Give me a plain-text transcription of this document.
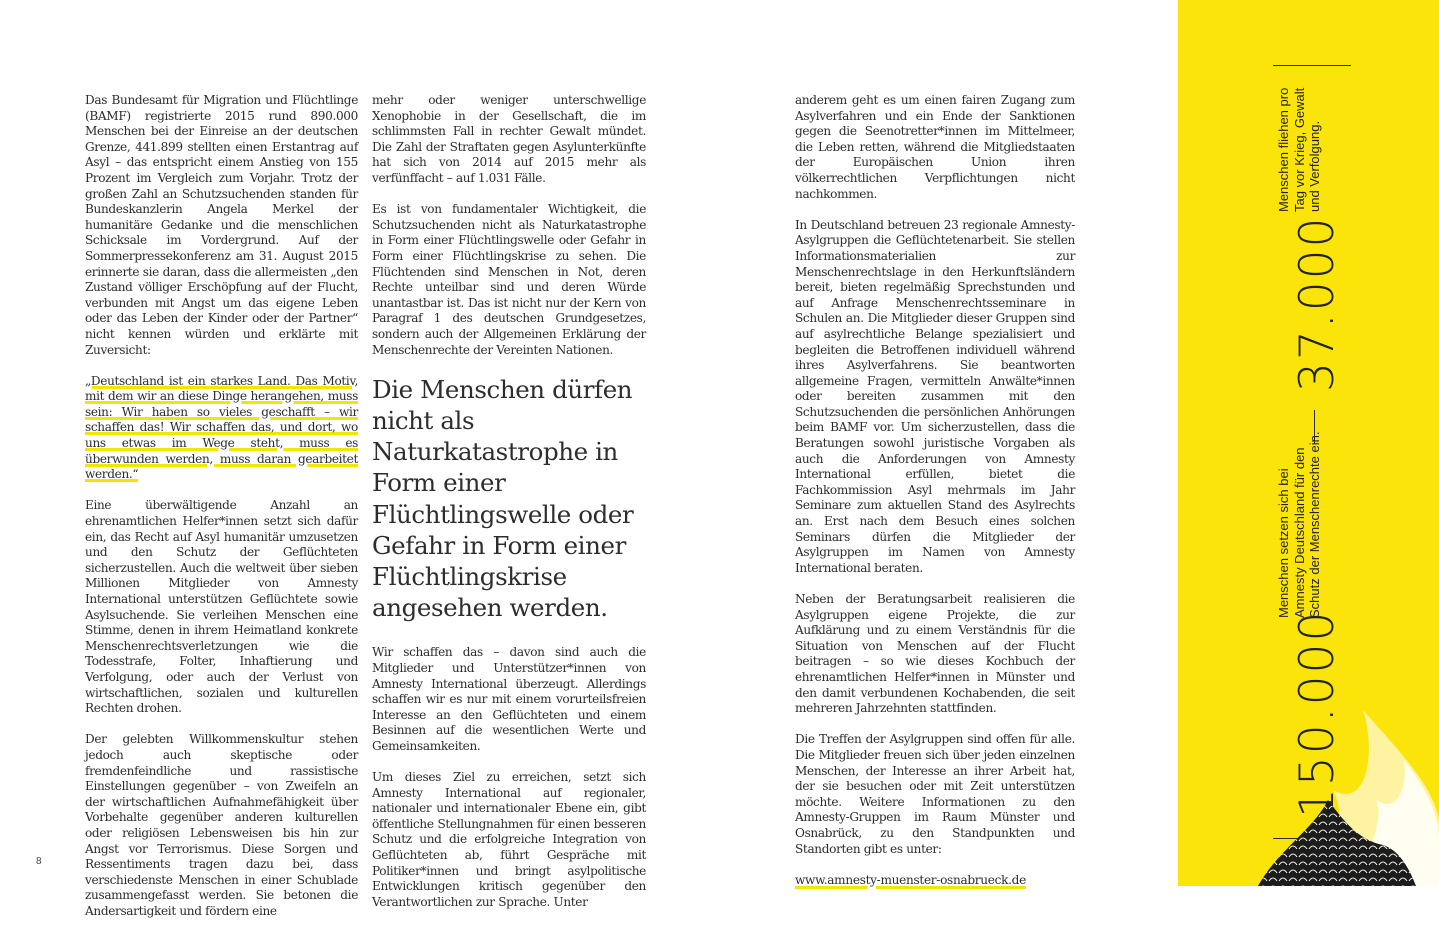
Das Bundesamt für Migration und Flüchtlinge (BAMF) registrierte 2015 rund 890.000 Menschen bei der Einreise an der deutschen Grenze, 441.899 stellten einen Erstantrag auf Asyl – das entspricht einem Anstieg von 155 Prozent im Vergleich zum Vorjahr. Trotz der großen Zahl an Schutzsuchenden standen für Bundeskanzlerin Angela Merkel der humanitäre Gedanke und die menschlichen Schicksale im Vordergrund. Auf der Sommerpressekonferenz am 31. August 2015 erinnerte sie daran, dass die allermeisten „den Zustand völliger Erschöpfung auf der Flucht, verbunden mit Angst um das eigene Leben oder das Leben der Kinder oder der Partner“ nicht kennen würden und erklärte mit Zuversicht:

„Deutschland ist ein starkes Land. Das Motiv, mit dem wir an diese Dinge herangehen, muss sein: Wir haben so vieles geschafft – wir schaffen das! Wir schaffen das, und dort, wo uns etwas im Wege steht, muss es überwunden werden, muss daran gearbeitet werden.“

Eine überwältigende Anzahl an ehrenamtlichen Helfer*innen setzt sich dafür ein, das Recht auf Asyl humanitär umzusetzen und den Schutz der Geflüchteten sicherzustellen. Auch die weltweit über sieben Millionen Mitglieder von Amnesty International unterstützen Geflüchtete sowie Asylsuchende. Sie verleihen Menschen eine Stimme, denen in ihrem Heimatland konkrete Menschenrechtsverletzungen wie die Todesstrafe, Folter, Inhaftierung und Verfolgung, oder auch der Verlust von wirtschaftlichen, sozialen und kulturellen Rechten drohen.

Der gelebten Willkommenskultur stehen jedoch auch skeptische oder fremdenfeindliche und rassistische Einstellungen gegenüber – von Zweifeln an der wirtschaftlichen Aufnahmefähigkeit über Vorbehalte gegenüber anderen kulturellen oder religiösen Lebensweisen bis hin zur Angst vor Terrorismus. Diese Sorgen und Ressentiments tragen dazu bei, dass verschiedenste Menschen in einer Schublade zusammengefasst werden. Sie betonen die Andersartigkeit und fördern eine

mehr oder weniger unterschwellige Xenophobie in der Gesellschaft, die im schlimmsten Fall in rechter Gewalt mündet. Die Zahl der Straftaten gegen Asylunterkünfte hat sich von 2014 auf 2015 mehr als verfünffacht – auf 1.031 Fälle.

Es ist von fundamentaler Wichtigkeit, die Schutzsuchenden nicht als Naturkatastrophe in Form einer Flüchtlingswelle oder Gefahr in Form einer Flüchtlingskrise zu sehen. Die Flüchtenden sind Menschen in Not, deren Rechte unteilbar sind und deren Würde unantastbar ist. Das ist nicht nur der Kern von Paragraf 1 des deutschen Grundgesetzes, sondern auch der Allgemeinen Erklärung der Menschenrechte der Vereinten Nationen.

Die Menschen dürfen nicht als Naturkatastrophe in Form einer Flüchtlingswelle oder Gefahr in Form einer Flüchtlingskrise angesehen werden.

Wir schaffen das – davon sind auch die Mitglieder und Unterstützer*innen von Amnesty International überzeugt. Allerdings schaffen wir es nur mit einem vorurteilsfreien Interesse an den Geflüchteten und einem Besinnen auf die wesentlichen Werte und Gemeinsamkeiten.

Um dieses Ziel zu erreichen, setzt sich Amnesty International auf regionaler, nationaler und internationaler Ebene ein, gibt öffentliche Stellungnahmen für einen besseren Schutz und die erfolgreiche Integration von Geflüchteten ab, führt Gespräche mit Politiker*innen und bringt asylpolitische Entwicklungen kritisch gegenüber den Verantwortlichen zur Sprache. Unter

anderem geht es um einen fairen Zugang zum Asylverfahren und ein Ende der Sanktionen gegen die Seenotretter*innen im Mittelmeer, die Leben retten, während die Mitgliedstaaten der Europäischen Union ihren völkerrechtlichen Verpflichtungen nicht nachkommen.

In Deutschland betreuen 23 regionale Amnesty-Asylgruppen die Geflüchtetenarbeit. Sie stellen Informationsmaterialien zur Menschenrechtslage in den Herkunftsländern bereit, bieten regelmäßig Sprechstunden und auf Anfrage Menschenrechtsseminare in Schulen an. Die Mitglieder dieser Gruppen sind auf asylrechtliche Belange spezialisiert und begleiten die Betroffenen individuell während ihres Asylverfahrens. Sie beantworten allgemeine Fragen, vermitteln Anwälte*innen oder bereiten zusammen mit den Schutzsuchenden die persönlichen Anhörungen beim BAMF vor. Um sicherzustellen, dass die Beratungen sowohl juristische Vorgaben als auch die Anforderungen von Amnesty International erfüllen, bietet die Fachkommission Asyl mehrmals im Jahr Seminare zum aktuellen Stand des Asylrechts an. Erst nach dem Besuch eines solchen Seminars dürfen die Mitglieder der Asylgruppen im Namen von Amnesty International beraten.

Neben der Beratungsarbeit realisieren die Asylgruppen eigene Projekte, die zur Aufklärung und zu einem Verständnis für die Situation von Menschen auf der Flucht beitragen – so wie dieses Kochbuch der ehrenamtlichen Helfer*innen in Münster und den damit verbundenen Kochabenden, die seit mehreren Jahrzehnten stattfinden.

Die Treffen der Asylgruppen sind offen für alle. Die Mitglieder freuen sich über jeden einzelnen Menschen, der Interesse an ihrer Arbeit hat, der sie besuchen oder mit Zeit unterstützen möchte. Weitere Informationen zu den Amnesty-Gruppen im Raum Münster und Osnabrück, zu den Standpunkten und Standorten gibt es unter:

www.amnesty-muenster-osnabrueck.de

8
150.000
Menschen setzen sich bei Amnesty Deutschland für den Schutz der Menschenrechte ein.
37.000
Menschen fliehen pro Tag vor Krieg, Gewalt und Verfolgung.
